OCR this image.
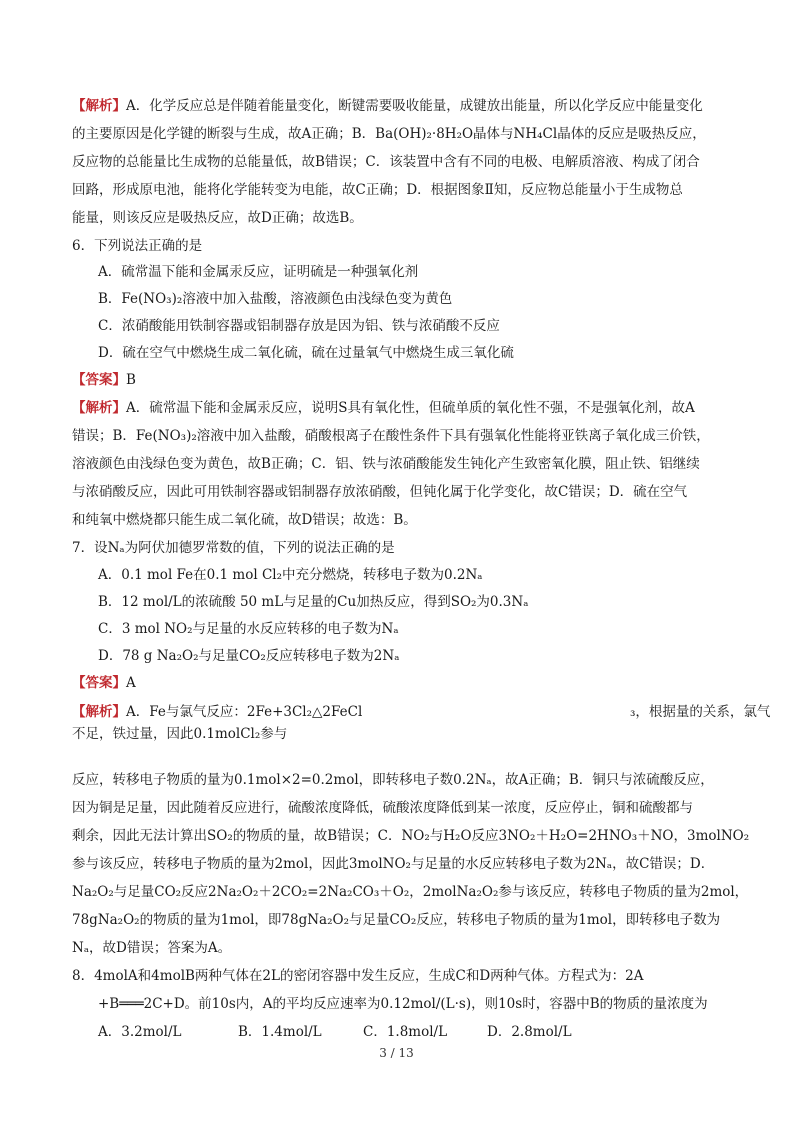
【解析】A．化学反应总是伴随着能量变化，断键需要吸收能量，成键放出能量，所以化学反应中能量变化
的主要原因是化学键的断裂与生成，故A正确；B．Ba(OH)₂·8H₂O晶体与NH₄Cl晶体的反应是吸热反应，
反应物的总能量比生成物的总能量低，故B错误；C．该装置中含有不同的电极、电解质溶液、构成了闭合
回路，形成原电池，能将化学能转变为电能，故C正确；D．根据图象Ⅱ知，反应物总能量小于生成物总
能量，则该反应是吸热反应，故D正确；故选B。
6．下列说法正确的是
A．硫常温下能和金属汞反应，证明硫是一种强氧化剂
B．Fe(NO₃)₂溶液中加入盐酸，溶液颜色由浅绿色变为黄色
C．浓硝酸能用铁制容器或铝制器存放是因为铝、铁与浓硝酸不反应
D．硫在空气中燃烧生成二氧化硫，硫在过量氧气中燃烧生成三氧化硫
【答案】B
【解析】A．硫常温下能和金属汞反应，说明S具有氧化性，但硫单质的氧化性不强，不是强氧化剂，故A
错误；B．Fe(NO₃)₂溶液中加入盐酸，硝酸根离子在酸性条件下具有强氧化性能将亚铁离子氧化成三价铁，
溶液颜色由浅绿色变为黄色，故B正确；C．铝、铁与浓硝酸能发生钝化产生致密氧化膜，阻止铁、铝继续
与浓硝酸反应，因此可用铁制容器或铝制器存放浓硝酸，但钝化属于化学变化，故C错误；D．硫在空气
和纯氧中燃烧都只能生成二氧化硫，故D错误；故选：B。
7．设Nₐ为阿伏加德罗常数的值，下列的说法正确的是
A．0.1 mol Fe在0.1 mol Cl₂中充分燃烧，转移电子数为0.2Nₐ
B．12 mol/L的浓硫酸 50 mL与足量的Cu加热反应，得到SO₂为0.3Nₐ
C．3 mol NO₂与足量的水反应转移的电子数为Nₐ
D．78 g Na₂O₂与足量CO₂反应转移电子数为2Nₐ
【答案】A
【解析】A．Fe与氯气反应：2Fe+3Cl₂△2FeCl	₃，根据量的关系，氯气
不足，铁过量，因此0.1molCl₂参与
反应，转移电子物质的量为0.1mol×2=0.2mol，即转移电子数0.2Nₐ，故A正确；B．铜只与浓硫酸反应，
因为铜是足量，因此随着反应进行，硫酸浓度降低，硫酸浓度降低到某一浓度，反应停止，铜和硫酸都与
剩余，因此无法计算出SO₂的物质的量，故B错误；C．NO₂与H₂O反应3NO₂＋H₂O=2HNO₃＋NO，3molNO₂
参与该反应，转移电子物质的量为2mol，因此3molNO₂与足量的水反应转移电子数为2Nₐ，故C错误；D．
Na₂O₂与足量CO₂反应2Na₂O₂＋2CO₂=2Na₂CO₃＋O₂，2molNa₂O₂参与该反应，转移电子物质的量为2mol，
78gNa₂O₂的物质的量为1mol，即78gNa₂O₂与足量CO₂反应，转移电子物质的量为1mol，即转移电子数为
Nₐ，故D错误；答案为A。
8．4molA和4molB两种气体在2L的密闭容器中发生反应，生成C和D两种气体。方程式为：2A
+B═══2C+D。前10s内，A的平均反应速率为0.12mol/(L·s)，则10s时，容器中B的物质的量浓度为
A．3.2mol/L	B．1.4mol/L	C．1.8mol/L	D．2.8mol/L
3 / 13
